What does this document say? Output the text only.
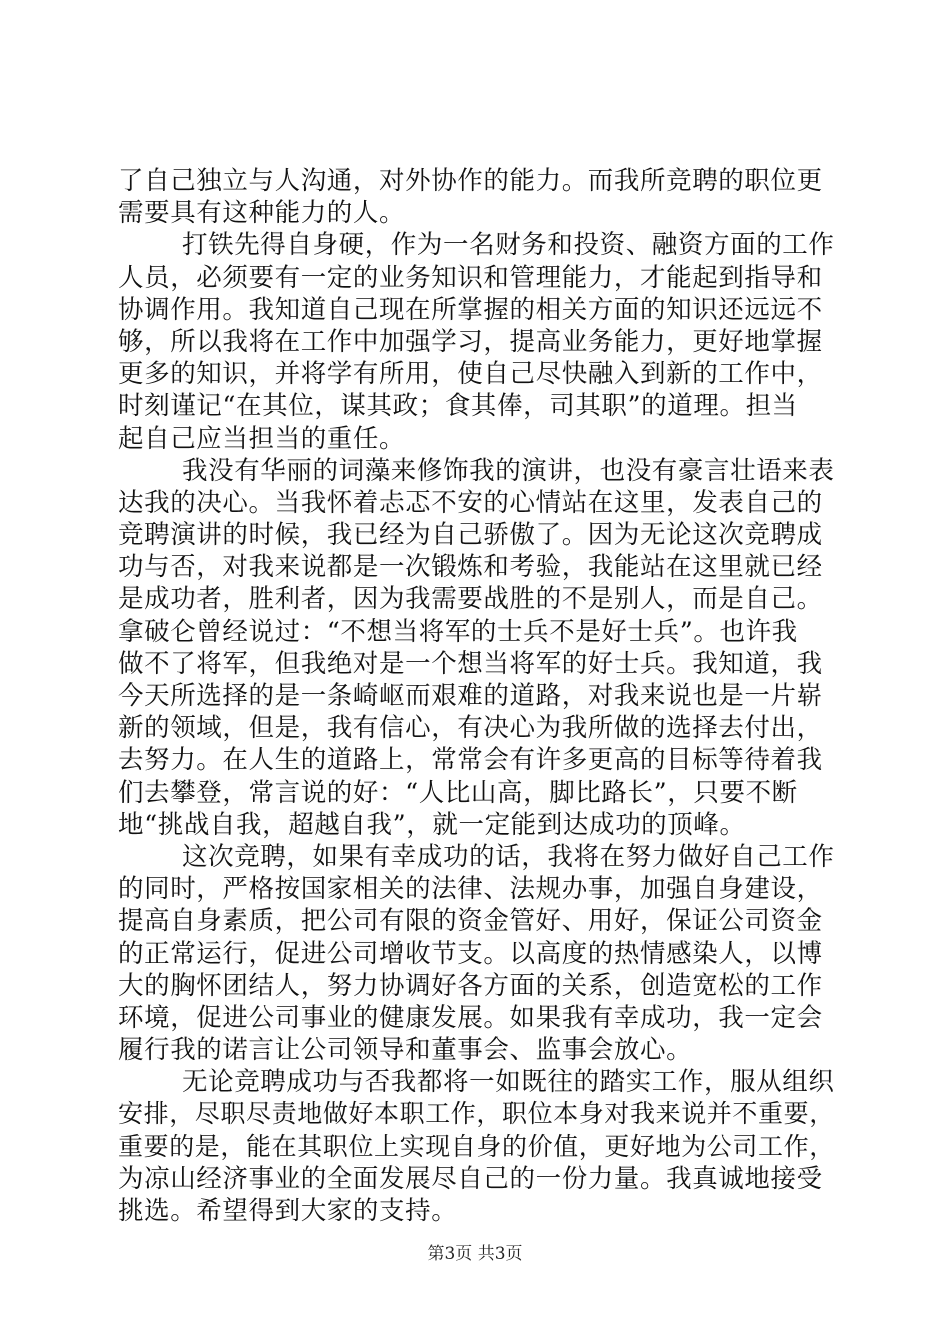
了自己独立与人沟通，对外协作的能力。而我所竞聘的职位更
需要具有这种能力的人。
打铁先得自身硬，作为一名财务和投资、融资方面的工作
人员，必须要有一定的业务知识和管理能力，才能起到指导和
协调作用。我知道自己现在所掌握的相关方面的知识还远远不
够，所以我将在工作中加强学习，提高业务能力，更好地掌握
更多的知识，并将学有所用，使自己尽快融入到新的工作中，
时刻谨记“在其位，谋其政；食其俸，司其职”的道理。担当
起自己应当担当的重任。
我没有华丽的词藻来修饰我的演讲，也没有豪言壮语来表
达我的决心。当我怀着忐忑不安的心情站在这里，发表自己的
竞聘演讲的时候，我已经为自己骄傲了。因为无论这次竞聘成
功与否，对我来说都是一次锻炼和考验，我能站在这里就已经
是成功者，胜利者，因为我需要战胜的不是别人，而是自己。
拿破仑曾经说过：“不想当将军的士兵不是好士兵”。也许我
做不了将军，但我绝对是一个想当将军的好士兵。我知道，我
今天所选择的是一条崎岖而艰难的道路，对我来说也是一片崭
新的领域，但是，我有信心，有决心为我所做的选择去付出，
去努力。在人生的道路上，常常会有许多更高的目标等待着我
们去攀登，常言说的好：“人比山高，脚比路长”，只要不断
地“挑战自我，超越自我”，就一定能到达成功的顶峰。
这次竞聘，如果有幸成功的话，我将在努力做好自己工作
的同时，严格按国家相关的法律、法规办事，加强自身建设，
提高自身素质，把公司有限的资金管好、用好，保证公司资金
的正常运行，促进公司增收节支。以高度的热情感染人，以博
大的胸怀团结人，努力协调好各方面的关系，创造宽松的工作
环境，促进公司事业的健康发展。如果我有幸成功，我一定会
履行我的诺言让公司领导和董事会、监事会放心。
无论竞聘成功与否我都将一如既往的踏实工作，服从组织
安排，尽职尽责地做好本职工作，职位本身对我来说并不重要，
重要的是，能在其职位上实现自身的价值，更好地为公司工作，
为凉山经济事业的全面发展尽自己的一份力量。我真诚地接受
挑选。希望得到大家的支持。
第3页 共3页
